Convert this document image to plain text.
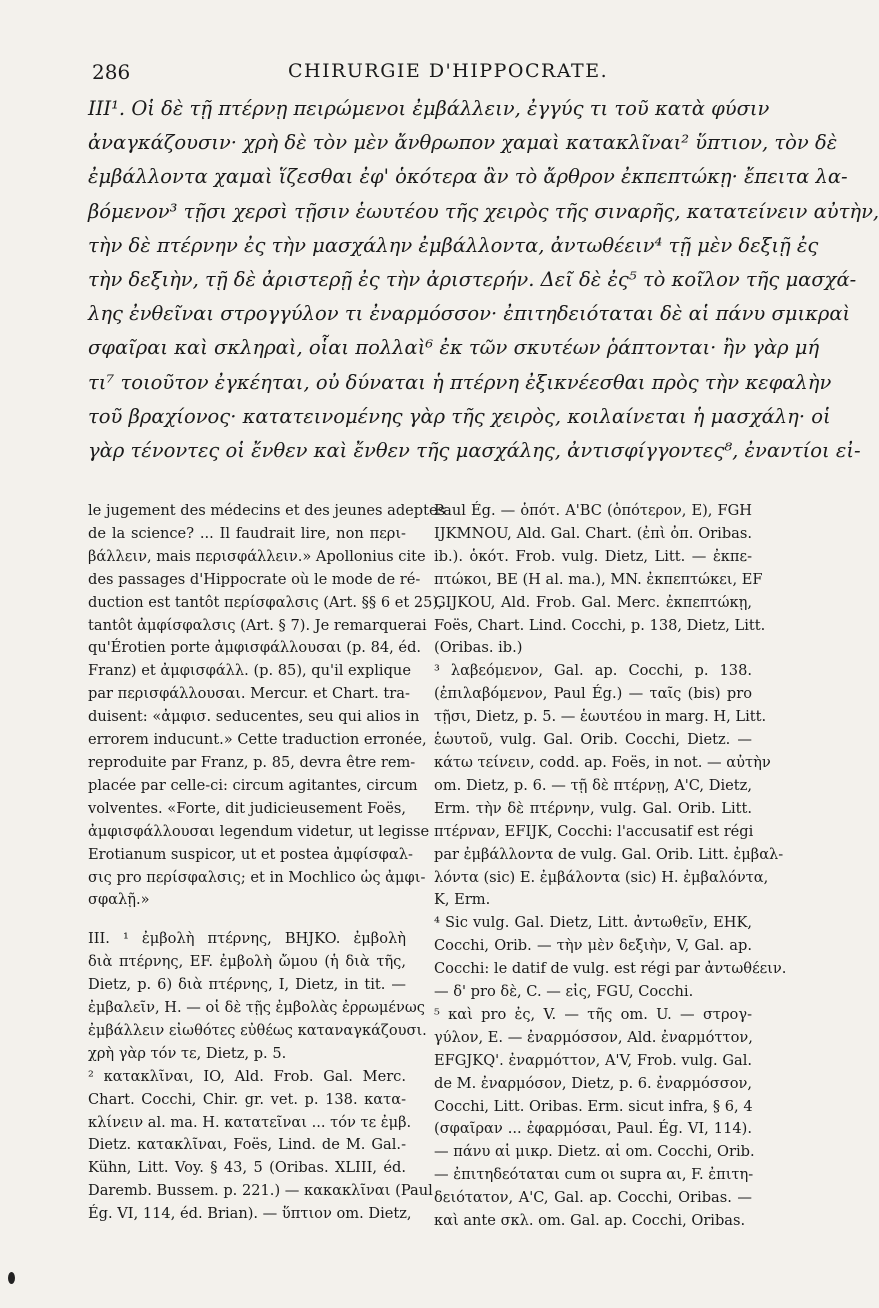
286	CHIRURGIE D'HIPPOCRATE.
III¹. Οἱ δὲ τῇ πτέρνῃ πειρώμενοι ἐμβάλλειν, ἐγγύς τι τοῦ κατὰ φύσιν
ἀναγκάζουσιν· χρὴ δὲ τὸν μὲν ἄνθρωπον χαμαὶ κατακλῖναι² ὕπτιον, τὸν δὲ
ἐμβάλλοντα χαμαὶ ἵζεσθαι ἐφ' ὁκότερα ἂν τὸ ἄρθρον ἐκπεπτώκῃ· ἔπειτα λα-
βόμενον³ τῇσι χερσὶ τῇσιν ἑωυτέου τῆς χειρὸς τῆς σιναρῆς, κατατείνειν αὐτὴν,
τὴν δὲ πτέρνην ἐς τὴν μασχάλην ἐμβάλλοντα, ἀντωθέειν⁴ τῇ μὲν δεξιῇ ἐς
τὴν δεξιὴν, τῇ δὲ ἀριστερῇ ἐς τὴν ἀριστερήν. Δεῖ δὲ ἐς⁵ τὸ κοῖλον τῆς μασχά-
λης ἐνθεῖναι στρογγύλον τι ἐναρμόσσον· ἐπιτηδειόταται δὲ αἱ πάνυ σμικραὶ
σφαῖραι καὶ σκληραὶ, οἷαι πολλαὶ⁶ ἐκ τῶν σκυτέων ῥάπτονται· ἢν γὰρ μή
τι⁷ τοιοῦτον ἐγκέηται, οὐ δύναται ἡ πτέρνη ἐξικνέεσθαι πρὸς τὴν κεφαλὴν
τοῦ βραχίονος· κατατεινομένης γὰρ τῆς χειρὸς, κοιλαίνεται ἡ μασχάλη· οἱ
γὰρ τένοντες οἱ ἔνθεν καὶ ἔνθεν τῆς μασχάλης, ἀντισφίγγοντες⁸, ἐναντίοι εἰ-
le jugement des médecins et des jeunes adeptes
de la science? ... Il faudrait lire, non περι-
βάλλειν, mais περισφάλλειν.» Apollonius cite
des passages d'Hippocrate où le mode de ré-
duction est tantôt περίσφαλσις (Art. §§ 6 et 25),
tantôt ἀμφίσφαλσις (Art. § 7). Je remarquerai
qu'Érotien porte ἀμφισφάλλουσαι (p. 84, éd.
Franz) et ἀμφισφάλλ. (p. 85), qu'il explique
par περισφάλλουσαι. Mercur. et Chart. tra-
duisent: «ἀμφισ. seducentes, seu qui alios in
errorem inducunt.» Cette traduction erronée,
reproduite par Franz, p. 85, devra être rem-
placée par celle-ci: circum agitantes, circum
volventes. «Forte, dit judicieusement Foës,
ἀμφισφάλλουσαι legendum videtur, ut legisse
Erotianum suspicor, ut et postea ἀμφίσφαλ-
σις pro περίσφαλσις; et in Mochlico ὡς ἀμφι-
σφαλῇ.»
III. ¹ ἐμβολὴ πτέρνης, BHJKO. ἐμβολὴ
διὰ πτέρνης, EF. ἐμβολὴ ὤμου (ἡ διὰ τῆς,
Dietz, p. 6) διὰ πτέρνης, I, Dietz, in tit. —
ἐμβαλεῖν, H. — οἱ δὲ τῇς ἐμβολὰς ἐρρωμένως
ἐμβάλλειν εἰωθότες εὐθέως καταναγκάζουσι.
χρὴ γὰρ τόν τε, Dietz, p. 5.
² κατακλῖναι, IO, Ald. Frob. Gal. Merc.
Chart. Cocchi, Chir. gr. vet. p. 138. κατα-
κλίνειν al. ma. H. κατατεῖναι ... τόν τε ἐμβ.
Dietz. κατακλῖναι, Foës, Lind. de M. Gal.-
Kühn, Litt. Voy. § 43, 5 (Oribas. XLIII, éd.
Daremb. Bussem. p. 221.) — κακακλῖναι (Paul
Ég. VI, 114, éd. Brian). — ὕπτιον om. Dietz,
Paul Ég. — ὁπότ. A'BC (ὁπότερον, E), FGH
IJKMNOU, Ald. Gal. Chart. (ἐπὶ ὀπ. Oribas.
ib.). ὁκότ. Frob. vulg. Dietz, Litt. — ἐκπε-
πτώκοι, BE (H al. ma.), MN. ἐκπεπτώκει, EF
GIJKOU, Ald. Frob. Gal. Merc. ἐκπεπτώκῃ,
Foës, Chart. Lind. Cocchi, p. 138, Dietz, Litt.
(Oribas. ib.)
³ λαβεόμενον, Gal. ap. Cocchi, p. 138.
(ἐπιλαβόμενον, Paul Ég.) — ταῖς (bis) pro
τῇσι, Dietz, p. 5. — ἑωυτέου in marg. H, Litt.
ἑωυτοῦ, vulg. Gal. Orib. Cocchi, Dietz. —
κάτω τείνειν, codd. ap. Foës, in not. — αὐτὴν
om. Dietz, p. 6. — τῇ δὲ πτέρνῃ, A'C, Dietz,
Erm. τὴν δὲ πτέρνην, vulg. Gal. Orib. Litt.
πτέρναν, EFIJK, Cocchi: l'accusatif est régi
par ἐμβάλλοντα de vulg. Gal. Orib. Litt. ἐμβαλ-
λόντα (sic) E. ἐμβάλοντα (sic) H. ἐμβαλόντα,
K, Erm.
⁴ Sic vulg. Gal. Dietz, Litt. ἀντωθεῖν, EHK,
Cocchi, Orib. — τὴν μὲν δεξιὴν, V, Gal. ap.
Cocchi: le datif de vulg. est régi par ἀντωθέειν.
— δ' pro δὲ, C. — εἰς, FGU, Cocchi.
⁵ καὶ pro ἐς, V. — τῆς om. U. — στρογ-
γύλον, E. — ἐναρμόσσον, Ald. ἐναρμόττον,
EFGJKQ'. ἐναρμόττον, A'V, Frob. vulg. Gal.
de M. ἐναρμόσον, Dietz, p. 6. ἐναρμόσσον,
Cocchi, Litt. Oribas. Erm. sicut infra, § 6, 4
(σφαῖραν ... ἐφαρμόσαι, Paul. Ég. VI, 114).
— πάνυ αἱ μικρ. Dietz. αἱ om. Cocchi, Orib.
— ἐπιτηδεόταται cum οι supra αι, F. ἐπιτη-
δειότατον, A'C, Gal. ap. Cocchi, Oribas. —
καὶ ante σκλ. om. Gal. ap. Cocchi, Oribas.
